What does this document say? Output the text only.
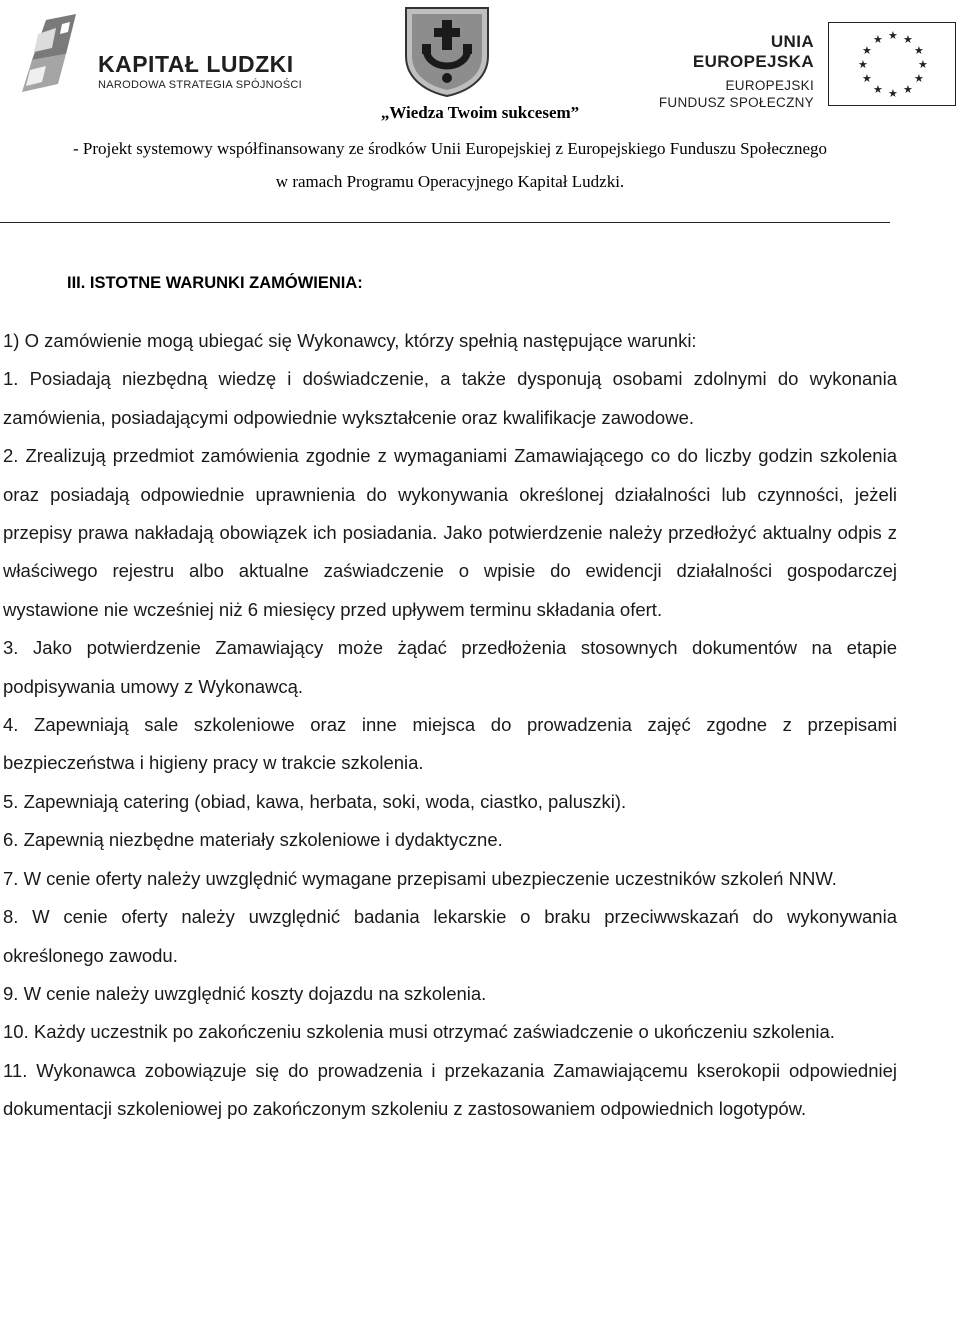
KAPITAŁ LUDZKI
NARODOWA STRATEGIA SPÓJNOŚCI
UNIA EUROPEJSKA
EUROPEJSKI
FUNDUSZ SPOŁECZNY
★ ★
★
★
★
★
★
★
★
★
★
★
„Wiedza Twoim sukcesem”
- Projekt systemowy współfinansowany ze środków Unii Europejskiej z Europejskiego Funduszu Społecznego
w ramach Programu Operacyjnego Kapitał Ludzki.
III. ISTOTNE WARUNKI ZAMÓWIENIA:

1) O zamówienie mogą ubiegać się Wykonawcy, którzy spełnią następujące warunki:

1. Posiadają niezbędną wiedzę i doświadczenie, a także dysponują osobami zdolnymi do wykonania zamówienia, posiadającymi odpowiednie wykształcenie oraz kwalifikacje zawodowe.

2. Zrealizują przedmiot zamówienia zgodnie z wymaganiami Zamawiającego co do liczby godzin szkolenia oraz posiadają odpowiednie uprawnienia do wykonywania określonej działalności lub czynności, jeżeli przepisy prawa nakładają obowiązek ich posiadania. Jako potwierdzenie należy przedłożyć aktualny odpis z właściwego rejestru albo aktualne zaświadczenie o wpisie do ewidencji działalności gospodarczej wystawione nie wcześniej niż 6 miesięcy przed upływem terminu składania ofert.

3. Jako potwierdzenie Zamawiający może żądać przedłożenia stosownych dokumentów na etapie podpisywania umowy z Wykonawcą.

4. Zapewniają sale szkoleniowe oraz inne miejsca do prowadzenia zajęć zgodne z przepisami bezpieczeństwa i higieny pracy w trakcie szkolenia.

5. Zapewniają catering (obiad, kawa, herbata, soki, woda, ciastko, paluszki).

6. Zapewnią niezbędne materiały szkoleniowe i dydaktyczne.

7. W cenie oferty należy uwzględnić wymagane przepisami ubezpieczenie uczestników szkoleń NNW.

8. W cenie oferty należy uwzględnić badania lekarskie o braku przeciwwskazań do wykonywania określonego zawodu.

9. W cenie należy uwzględnić koszty dojazdu na szkolenia.

10. Każdy uczestnik po zakończeniu szkolenia musi otrzymać zaświadczenie o ukończeniu szkolenia.

11. Wykonawca zobowiązuje się do prowadzenia i przekazania Zamawiającemu kserokopii odpowiedniej dokumentacji szkoleniowej po zakończonym szkoleniu z zastosowaniem odpowiednich logotypów.
